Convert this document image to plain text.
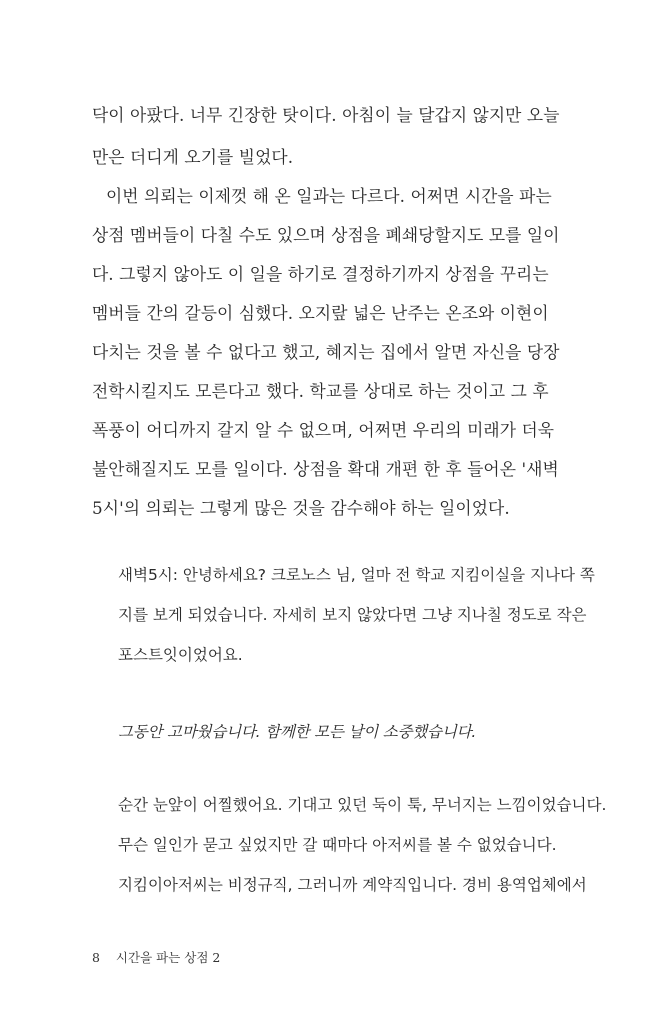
닥이 아팠다. 너무 긴장한 탓이다. 아침이 늘 달갑지 않지만 오늘
만은 더디게 오기를 빌었다.
이번 의뢰는 이제껏 해 온 일과는 다르다. 어쩌면 시간을 파는
상점 멤버들이 다칠 수도 있으며 상점을 폐쇄당할지도 모를 일이
다. 그렇지 않아도 이 일을 하기로 결정하기까지 상점을 꾸리는
멤버들 간의 갈등이 심했다. 오지랖 넓은 난주는 온조와 이현이
다치는 것을 볼 수 없다고 했고, 혜지는 집에서 알면 자신을 당장
전학시킬지도 모른다고 했다. 학교를 상대로 하는 것이고 그 후
폭풍이 어디까지 갈지 알 수 없으며, 어쩌면 우리의 미래가 더욱
불안해질지도 모를 일이다. 상점을 확대 개편 한 후 들어온 '새벽
5시'의 의뢰는 그렇게 많은 것을 감수해야 하는 일이었다.
새벽5시: 안녕하세요? 크로노스 님, 얼마 전 학교 지킴이실을 지나다 쪽
지를 보게 되었습니다. 자세히 보지 않았다면 그냥 지나칠 정도로 작은
포스트잇이었어요.
그동안 고마웠습니다. 함께한 모든 날이 소중했습니다.
순간 눈앞이 어찔했어요. 기대고 있던 둑이 툭, 무너지는 느낌이었습니다.
무슨 일인가 묻고 싶었지만 갈 때마다 아저씨를 볼 수 없었습니다.
지킴이아저씨는 비정규직, 그러니까 계약직입니다. 경비 용역업체에서
8 시간을 파는 상점 2
